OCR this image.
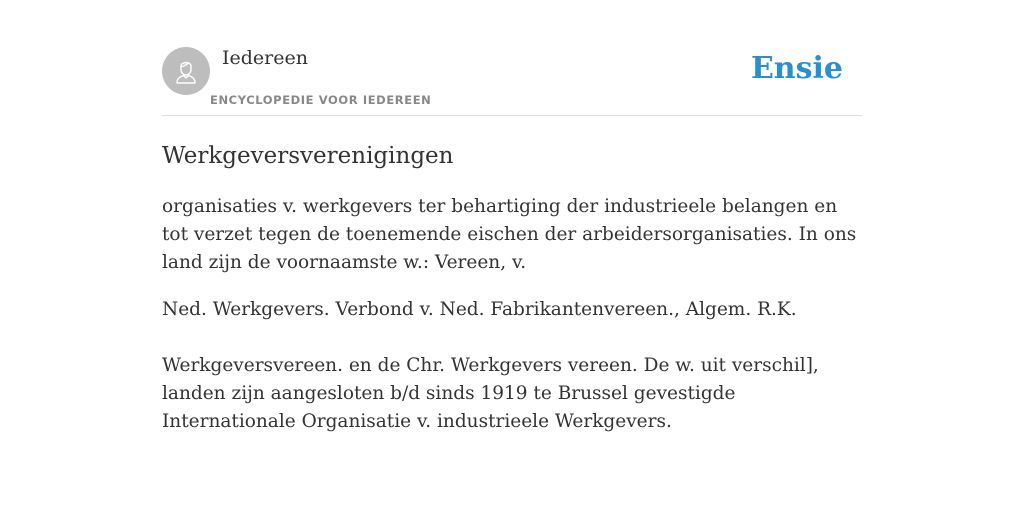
Iedereen
ENCYCLOPEDIE VOOR IEDEREEN
Ensie
Werkgeversverenigingen

organisaties v. werkgevers ter behartiging der industrieele belangen en tot verzet tegen de toenemende eischen der arbeidersorganisaties. In ons land zijn de voornaamste w.: Vereen, v.

Ned. Werkgevers. Verbond v. Ned. Fabrikantenvereen., Algem. R.K.

Werkgeversvereen. en de Chr. Werkgevers vereen. De w. uit verschil], landen zijn aangesloten b/d sinds 1919 te Brussel gevestigde Internationale Organisatie v. industrieele Werkgevers.
